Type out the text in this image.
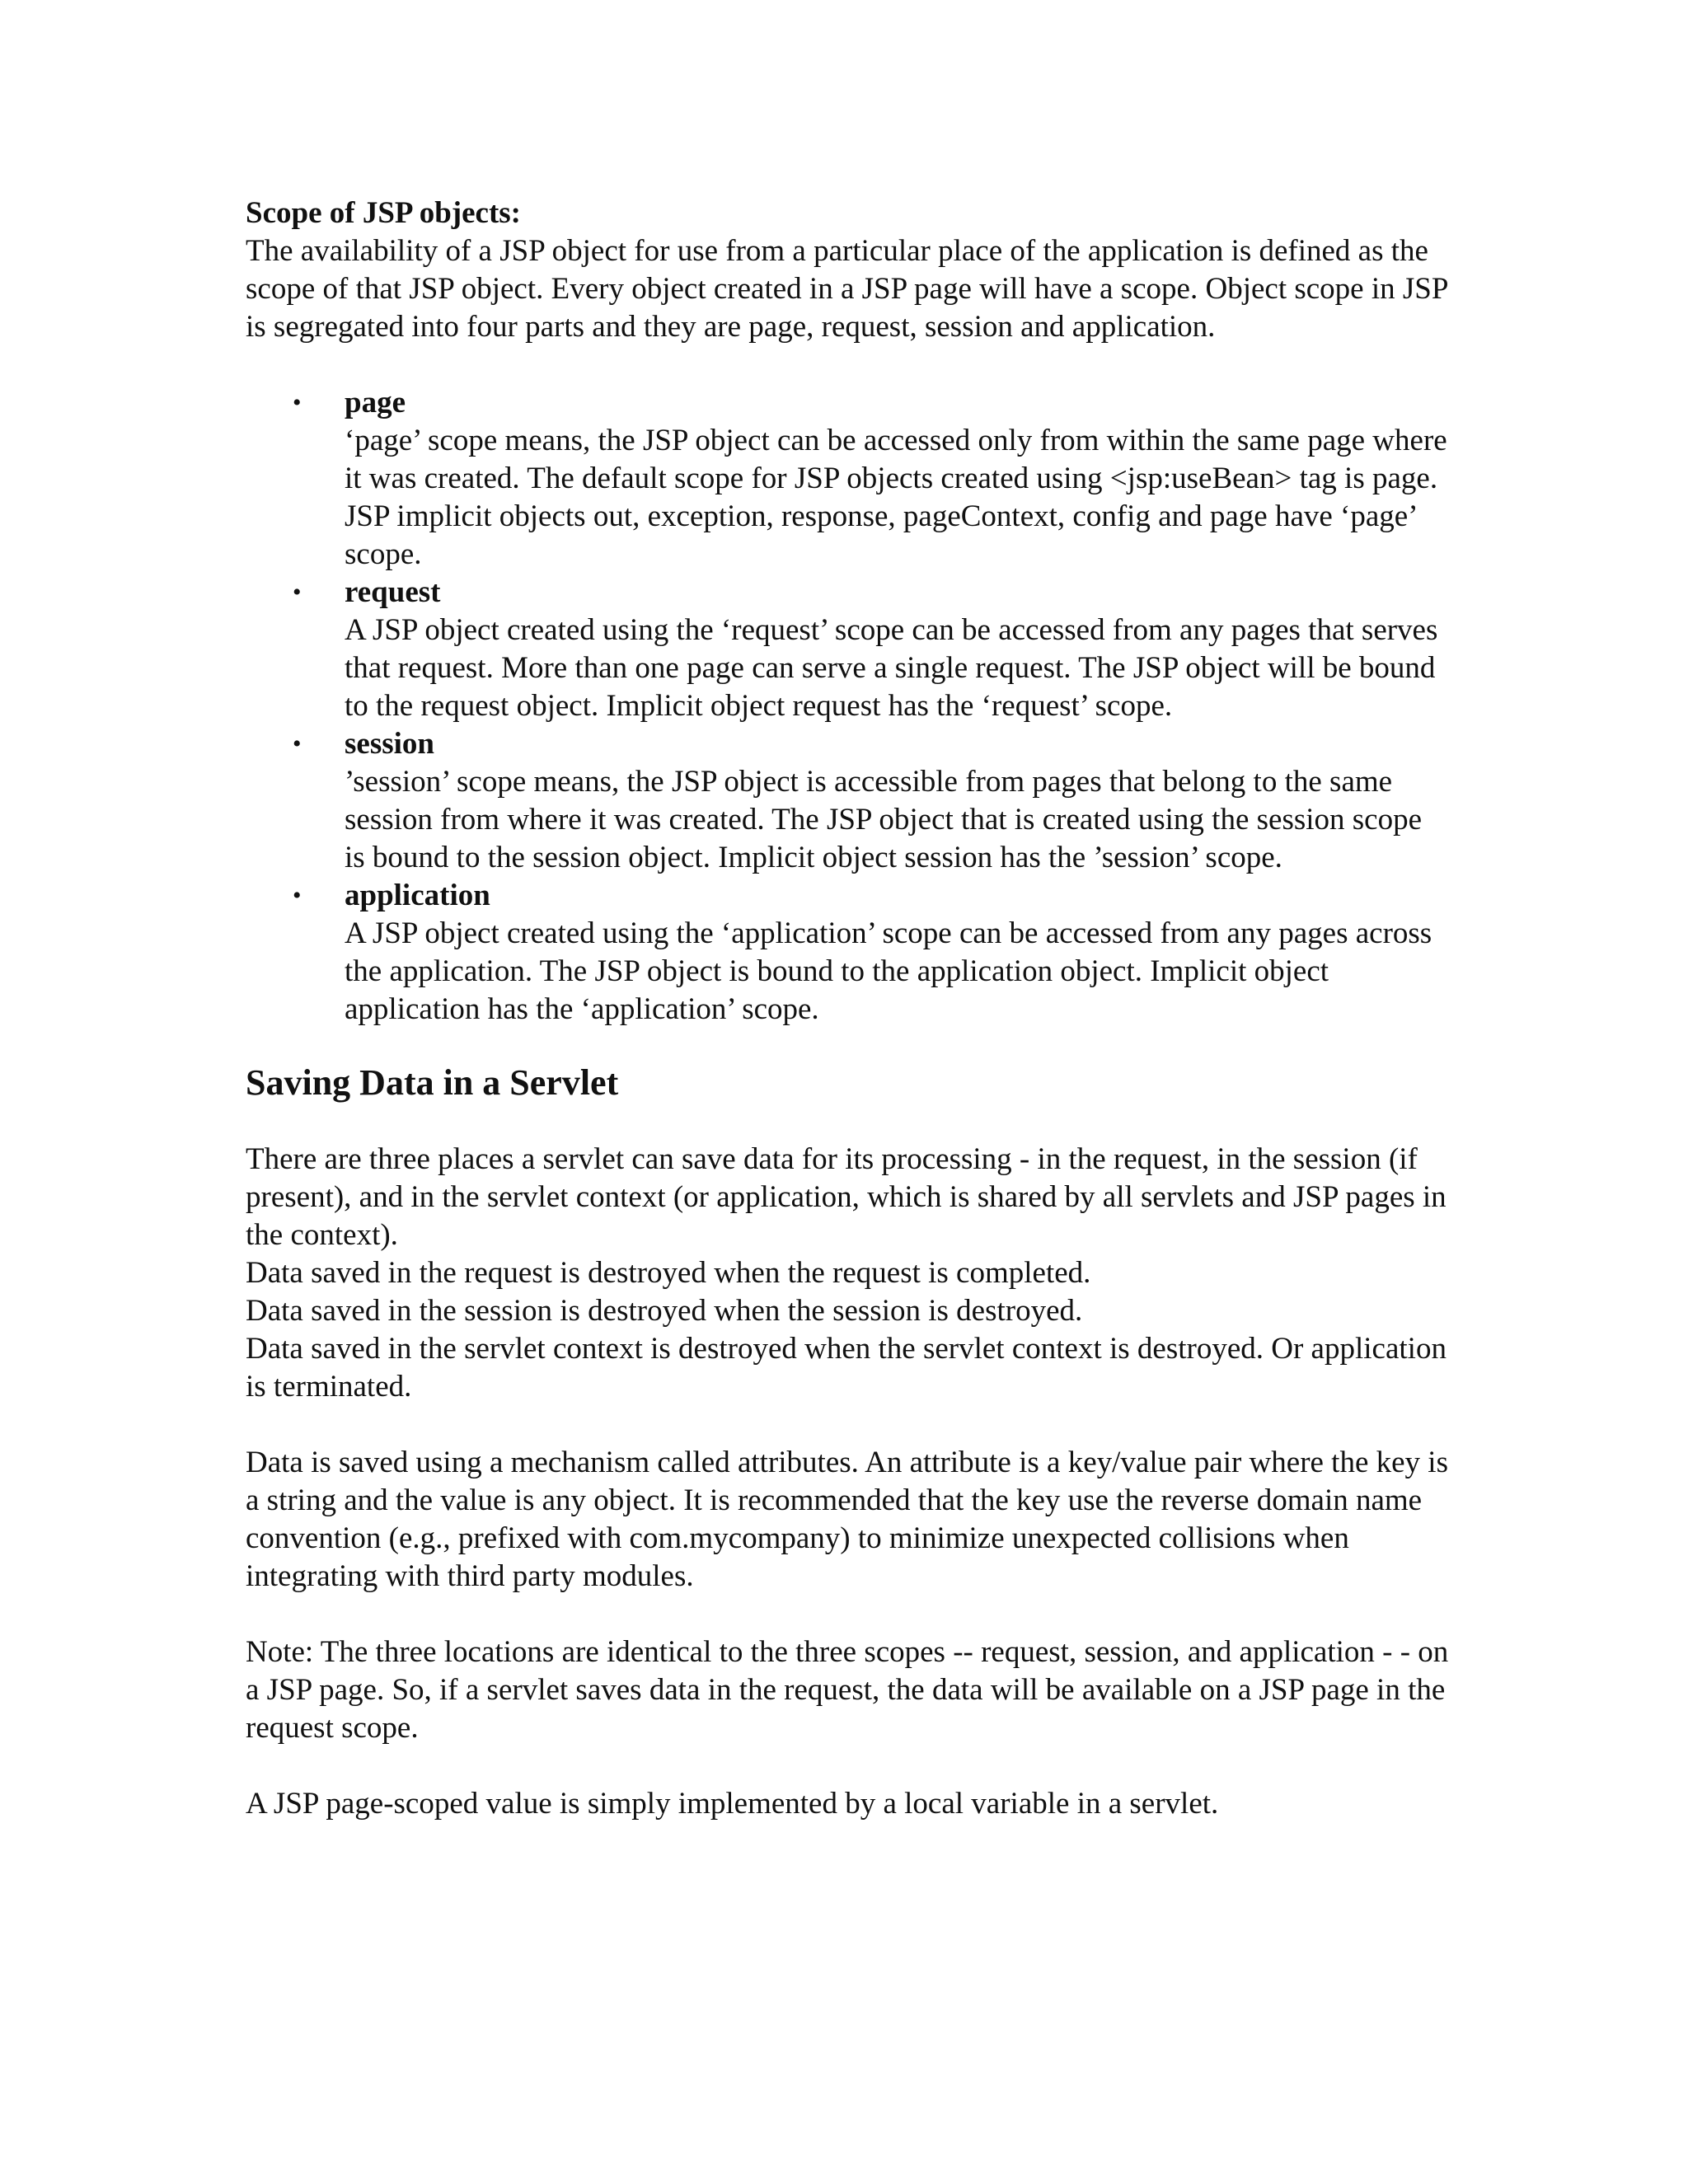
Scope of JSP objects:

The availability of a JSP object for use from a particular place of the application is defined as the scope of that JSP object. Every object created in a JSP page will have a scope. Object scope in JSP is segregated into four parts and they are page, request, session and application.

• page

‘page’ scope means, the JSP object can be accessed only from within the same page where it was created. The default scope for JSP objects created using <jsp:useBean> tag is page. JSP implicit objects out, exception, response, pageContext, config and page have ‘page’ scope.

• request

A JSP object created using the ‘request’ scope can be accessed from any pages that serves that request. More than one page can serve a single request. The JSP object will be bound to the request object. Implicit object request has the ‘request’ scope.

• session

’session’ scope means, the JSP object is accessible from pages that belong to the same session from where it was created. The JSP object that is created using the session scope is bound to the session object. Implicit object session has the ’session’ scope.

• application

A JSP object created using the ‘application’ scope can be accessed from any pages across the application. The JSP object is bound to the application object. Implicit object application has the ‘application’ scope.

Saving Data in a Servlet

There are three places a servlet can save data for its processing - in the request, in the session (if present), and in the servlet context (or application, which is shared by all servlets and JSP pages in the context).

Data saved in the request is destroyed when the request is completed.

Data saved in the session is destroyed when the session is destroyed.

Data saved in the servlet context is destroyed when the servlet context is destroyed. Or application is terminated.

Data is saved using a mechanism called attributes. An attribute is a key/value pair where the key is a string and the value is any object. It is recommended that the key use the reverse domain name convention (e.g., prefixed with com.mycompany) to minimize unexpected collisions when integrating with third party modules.

Note: The three locations are identical to the three scopes -- request, session, and application - - on a JSP page. So, if a servlet saves data in the request, the data will be available on a JSP page in the request scope.

A JSP page-scoped value is simply implemented by a local variable in a servlet.
